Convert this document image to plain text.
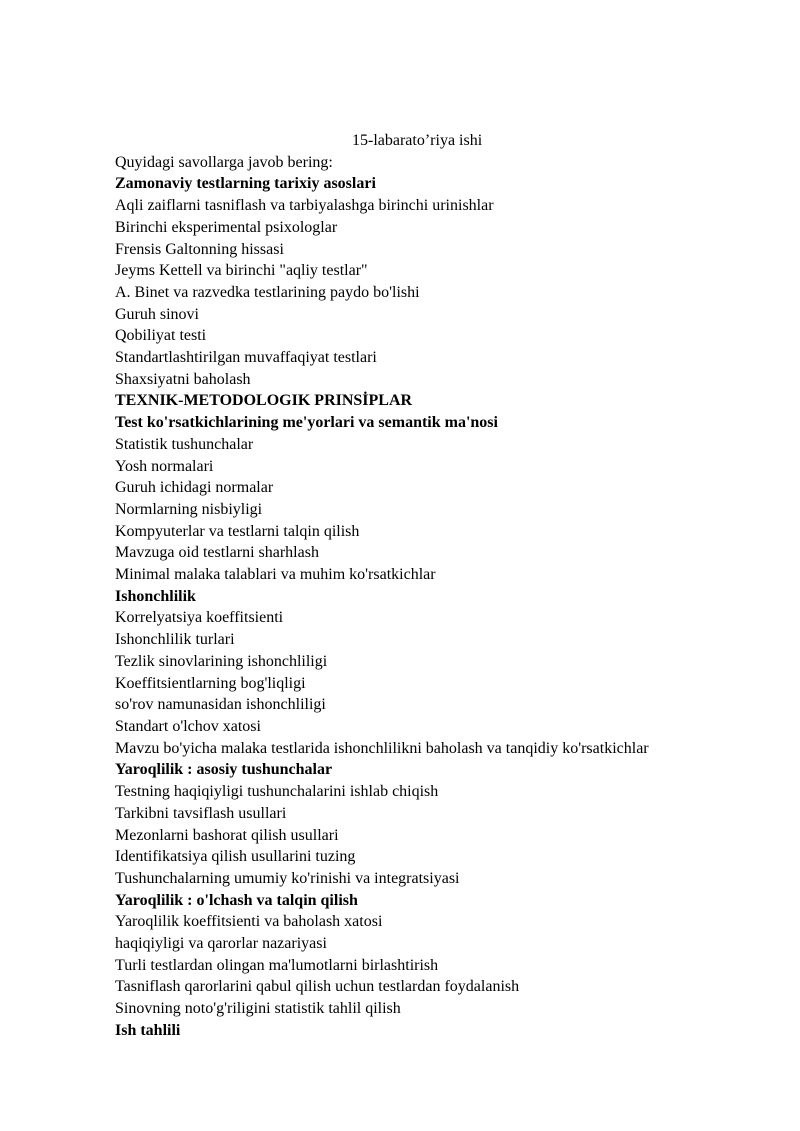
15-labarato’riya ishi
Quyidagi savollarga javob bering:
Zamonaviy testlarning tarixiy asoslari
Aqli zaiflarni tasniflash va tarbiyalashga birinchi urinishlar
Birinchi eksperimental psixologlar
Frensis Galtonning hissasi
Jeyms Kettell va birinchi "aqliy testlar"
A. Binet va razvedka testlarining paydo bo'lishi
Guruh sinovi
Qobiliyat testi
Standartlashtirilgan muvaffaqiyat testlari
Shaxsiyatni baholash
TEXNIK-METODOLOGIK PRINSİPLAR
Test ko'rsatkichlarining me'yorlari va semantik ma'nosi
Statistik tushunchalar
Yosh normalari
Guruh ichidagi normalar
Normlarning nisbiyligi
Kompyuterlar va testlarni talqin qilish
Mavzuga oid testlarni sharhlash
Minimal malaka talablari va muhim ko'rsatkichlar
Ishonchlilik
Korrelyatsiya koeffitsienti
Ishonchlilik turlari
Tezlik sinovlarining ishonchliligi
Koeffitsientlarning bog'liqligi
so'rov namunasidan ishonchliligi
Standart o'lchov xatosi
Mavzu bo'yicha malaka testlarida ishonchlilikni baholash va tanqidiy ko'rsatkichlar
Yaroqlilik : asosiy tushunchalar
Testning haqiqiyligi tushunchalarini ishlab chiqish
Tarkibni tavsiflash usullari
Mezonlarni bashorat qilish usullari
Identifikatsiya qilish usullarini tuzing
Tushunchalarning umumiy ko'rinishi va integratsiyasi
Yaroqlilik : o'lchash va talqin qilish
Yaroqlilik koeffitsienti va baholash xatosi
haqiqiyligi va qarorlar nazariyasi
Turli testlardan olingan ma'lumotlarni birlashtirish
Tasniflash qarorlarini qabul qilish uchun testlardan foydalanish
Sinovning noto'g'riligini statistik tahlil qilish
Ish tahlili
